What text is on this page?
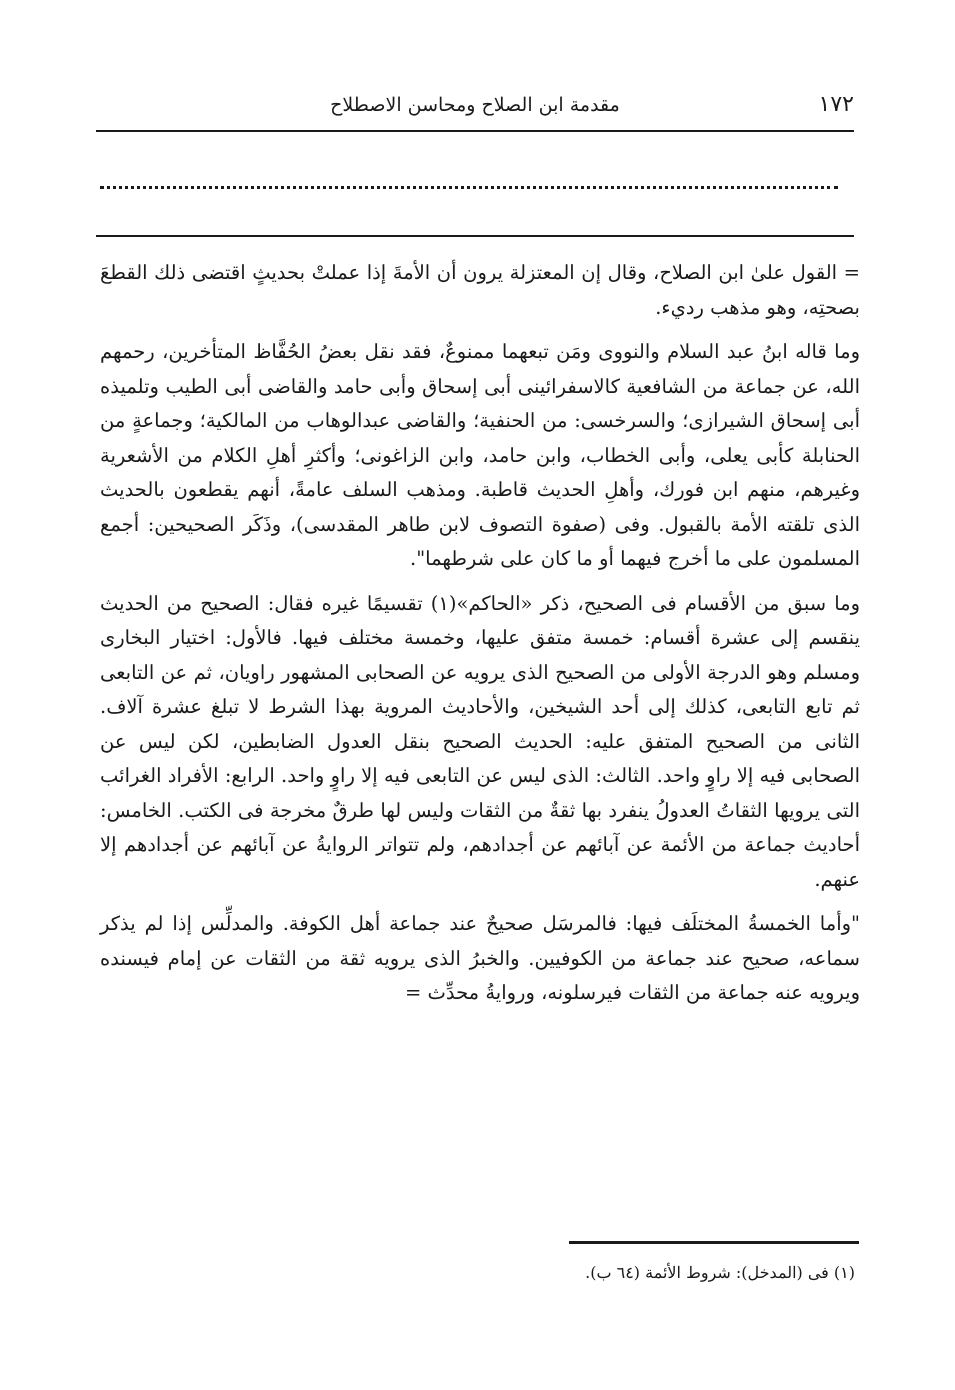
١٧٢
مقدمة ابن الصلاح ومحاسن الاصطلاح

= القول علىٰ ابن الصلاح، وقال إن المعتزلة يرون أن الأمةَ إذا عملتْ بحديثٍ اقتضى ذلك القطعَ بصحتِه، وهو مذهب رديء.

وما قاله ابنُ عبد السلام والنووى ومَن تبعهما ممنوعٌ، فقد نقل بعضُ الحُفَّاظ المتأخرين، رحمهم الله، عن جماعة من الشافعية كالاسفرائينى أبى إسحاق وأبى حامد والقاضى أبى الطيب وتلميذه أبى إسحاق الشيرازى؛ والسرخسى: من الحنفية؛ والقاضى عبدالوهاب من المالكية؛ وجماعةٍ من الحنابلة كأبى يعلى، وأبى الخطاب، وابن حامد، وابن الزاغونى؛ وأكثرِ أهلِ الكلام من الأشعرية وغيرهم، منهم ابن فورك، وأهلِ الحديث قاطبة. ومذهب السلف عامةً، أنهم يقطعون بالحديث الذى تلقته الأمة بالقبول. وفى (صفوة التصوف لابن طاهر المقدسى)، وذَكَر الصحيحين: أجمع المسلمون على ما أخرج فيهما أو ما كان على شرطهما".

وما سبق من الأقسام فى الصحيح، ذكر «الحاكم»(١) تقسيمًا غيره فقال: الصحيح من الحديث ينقسم إلى عشرة أقسام: خمسة متفق عليها، وخمسة مختلف فيها. فالأول: اختيار البخارى ومسلم وهو الدرجة الأولى من الصحيح الذى يرويه عن الصحابى المشهور راويان، ثم عن التابعى ثم تابع التابعى، كذلك إلى أحد الشيخين، والأحاديث المروية بهذا الشرط لا تبلغ عشرة آلاف. الثانى من الصحيح المتفق عليه: الحديث الصحيح بنقل العدول الضابطين، لكن ليس عن الصحابى فيه إلا راوٍ واحد. الثالث: الذى ليس عن التابعى فيه إلا راوٍ واحد. الرابع: الأفراد الغرائب التى يرويها الثقاتُ العدولُ ينفرد بها ثقةٌ من الثقات وليس لها طرقٌ مخرجة فى الكتب. الخامس: أحاديث جماعة من الأئمة عن آبائهم عن أجدادهم، ولم تتواتر الروايةُ عن آبائهم عن أجدادهم إلا عنهم.

"وأما الخمسةُ المختلَف فيها: فالمرسَل صحيحٌ عند جماعة أهل الكوفة. والمدلِّس إذا لم يذكر سماعه، صحيح عند جماعة من الكوفيين. والخبرُ الذى يرويه ثقة من الثقات عن إمام فيسنده ويرويه عنه جماعة من الثقات فيرسلونه، وروايةُ محدِّث =

(١) فى (المدخل): شروط الأئمة (٦٤ ب).
